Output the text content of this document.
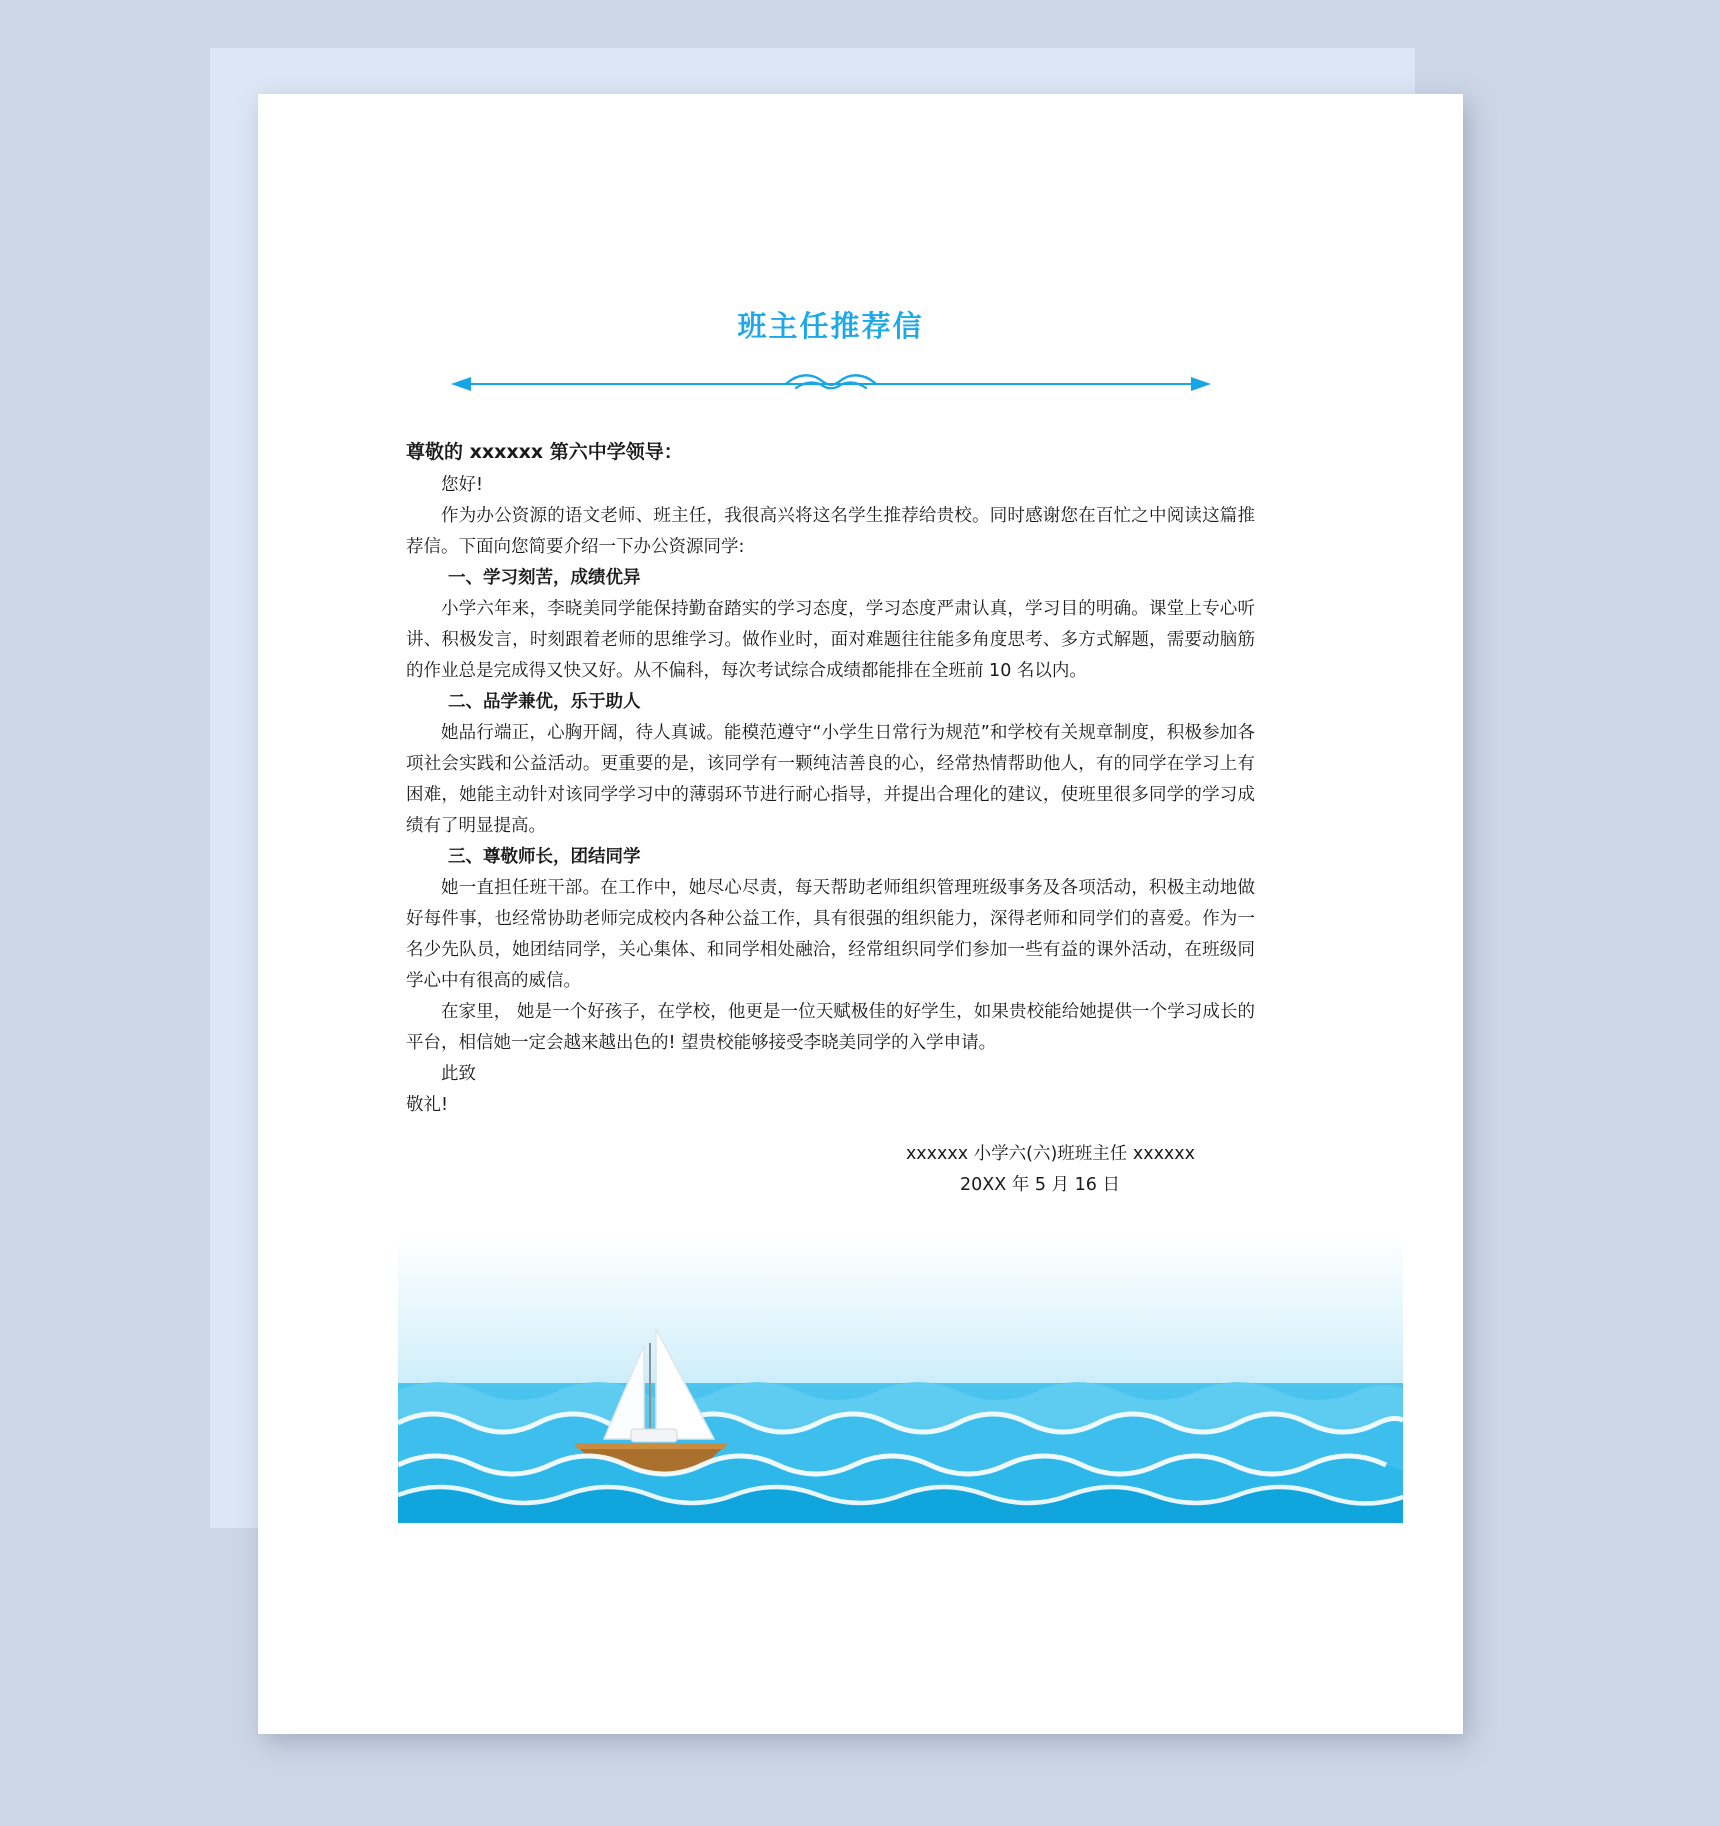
班主任推荐信
尊敬的 xxxxxx 第六中学领导：

您好!

作为办公资源的语文老师、班主任，我很高兴将这名学生推荐给贵校。同时感谢您在百忙之中阅读这篇推荐信。下面向您简要介绍一下办公资源同学:

一、学习刻苦，成绩优异

小学六年来，李晓美同学能保持勤奋踏实的学习态度，学习态度严肃认真，学习目的明确。课堂上专心听讲、积极发言，时刻跟着老师的思维学习。做作业时，面对难题往往能多角度思考、多方式解题，需要动脑筋的作业总是完成得又快又好。从不偏科，每次考试综合成绩都能排在全班前 10 名以内。

二、品学兼优，乐于助人

她品行端正，心胸开阔，待人真诚。能模范遵守“小学生日常行为规范”和学校有关规章制度，积极参加各项社会实践和公益活动。更重要的是，该同学有一颗纯洁善良的心，经常热情帮助他人，有的同学在学习上有困难，她能主动针对该同学学习中的薄弱环节进行耐心指导，并提出合理化的建议，使班里很多同学的学习成绩有了明显提高。

三、尊敬师长，团结同学

她一直担任班干部。在工作中，她尽心尽责，每天帮助老师组织管理班级事务及各项活动，积极主动地做好每件事，也经常协助老师完成校内各种公益工作，具有很强的组织能力，深得老师和同学们的喜爱。作为一名少先队员，她团结同学，关心集体、和同学相处融洽，经常组织同学们参加一些有益的课外活动，在班级同学心中有很高的威信。

在家里， 她是一个好孩子，在学校，他更是一位天赋极佳的好学生，如果贵校能给她提供一个学习成长的平台，相信她一定会越来越出色的! 望贵校能够接受李晓美同学的入学申请。

此致

敬礼!

xxxxxx 小学六(六)班班主任 xxxxxx
20XX 年 5 月 16 日
